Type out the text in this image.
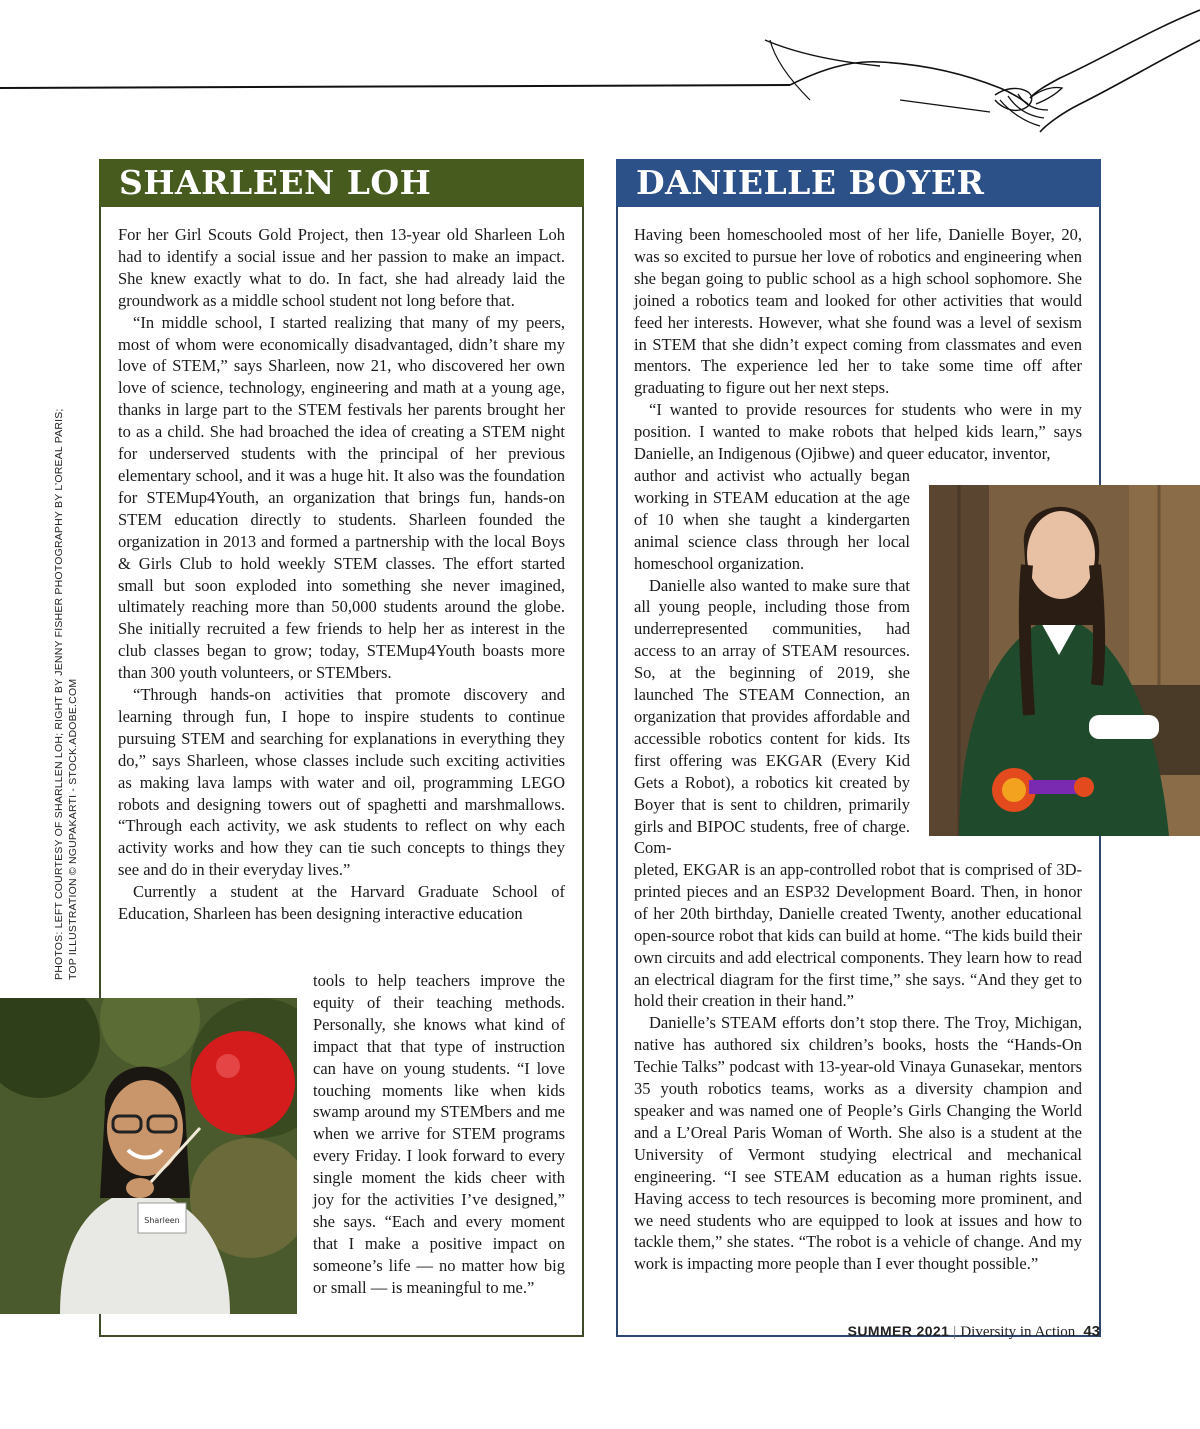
PHOTOS: LEFT COURTESY OF SHARLLEN LOH; RIGHT BY JENNY FISHER PHOTOGRAPHY BY L’OREAL PARIS; TOP ILLUSTRATION © NGUPAKARTI - STOCK.ADOBE.COM
SHARLEEN LOH

For her Girl Scouts Gold Project, then 13-year old Sharleen Loh had to identify a social issue and her passion to make an impact. She knew exactly what to do. In fact, she had already laid the groundwork as a middle school student not long before that.

“In middle school, I started realizing that many of my peers, most of whom were economically disadvantaged, didn’t share my love of STEM,” says Sharleen, now 21, who discovered her own love of science, technology, engineering and math at a young age, thanks in large part to the STEM festivals her parents brought her to as a child. She had broached the idea of creating a STEM night for underserved students with the principal of her previous elementary school, and it was a huge hit. It also was the foundation for STEMup4Youth, an organization that brings fun, hands-on STEM education directly to students. Sharleen founded the organization in 2013 and formed a partnership with the local Boys & Girls Club to hold weekly STEM classes. The effort started small but soon exploded into something she never imagined, ultimately reaching more than 50,000 students around the globe. She initially recruited a few friends to help her as interest in the club classes began to grow; today, STEMup4Youth boasts more than 300 youth volunteers, or STEMbers.

“Through hands-on activities that promote discovery and learning through fun, I hope to inspire students to continue pursuing STEM and searching for explanations in everything they do,” says Sharleen, whose classes include such exciting activities as making lava lamps with water and oil, programming LEGO robots and designing towers out of spaghetti and marshmallows. “Through each activity, we ask students to reflect on why each activity works and how they can tie such concepts to things they see and do in their everyday lives.”

Currently a student at the Harvard Graduate School of Education, Sharleen has been designing interactive education

tools to help teachers improve the equity of their teaching methods. Personally, she knows what kind of impact that that type of instruction can have on young students. “I love touching moments like when kids swamp around my STEMbers and me when we arrive for STEM programs every Friday. I look forward to every single moment the kids cheer with joy for the activities I’ve designed,” she says. “Each and every moment that I make a positive impact on someone’s life — no matter how big or small — is meaningful to me.”

Sharleen
DANIELLE BOYER

Having been homeschooled most of her life, Danielle Boyer, 20, was so excited to pursue her love of robotics and engineering when she began going to public school as a high school sophomore. She joined a robotics team and looked for other activities that would feed her interests. However, what she found was a level of sexism in STEM that she didn’t expect coming from classmates and even mentors. The experience led her to take some time off after graduating to figure out her next steps.

“I wanted to provide resources for students who were in my position. I wanted to make robots that helped kids learn,” says Danielle, an Indigenous (Ojibwe) and queer educator, inventor,

author and activist who actually began working in STEAM education at the age of 10 when she taught a kindergarten animal science class through her local homeschool organization.

Danielle also wanted to make sure that all young people, including those from underrepresented communities, had access to an array of STEAM resources. So, at the beginning of 2019, she launched The STEAM Connection, an organization that provides affordable and accessible robotics content for kids. Its first offering was EKGAR (Every Kid Gets a Robot), a robotics kit created by Boyer that is sent to children, primarily girls and BIPOC students, free of charge. Com-

pleted, EKGAR is an app-controlled robot that is comprised of 3D-printed pieces and an ESP32 Development Board. Then, in honor of her 20th birthday, Danielle created Twenty, another educational open-source robot that kids can build at home. “The kids build their own circuits and add electrical components. They learn how to read an electrical diagram for the first time,” she says. “And they get to hold their creation in their hand.”

Danielle’s STEAM efforts don’t stop there. The Troy, Michigan, native has authored six children’s books, hosts the “Hands-On Techie Talks” podcast with 13-year-old Vinaya Gunasekar, mentors 35 youth robotics teams, works as a diversity champion and speaker and was named one of People’s Girls Changing the World and a L’Oreal Paris Woman of Worth. She also is a student at the University of Vermont studying electrical and mechanical engineering. “I see STEAM education as a human rights issue. Having access to tech resources is becoming more prominent, and we need students who are equipped to look at issues and how to tackle them,” she states. “The robot is a vehicle of change. And my work is impacting more people than I ever thought possible.”

SUMMER 2021 | Diversity in Action 43
